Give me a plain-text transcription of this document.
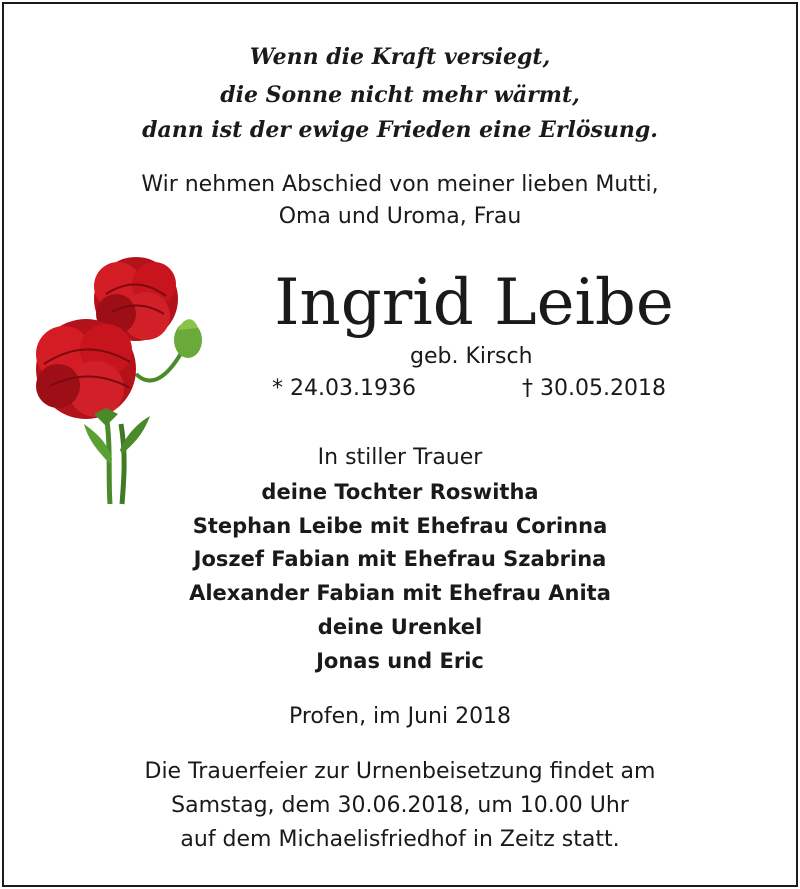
Wenn die Kraft versiegt,
die Sonne nicht mehr wärmt,
dann ist der ewige Frieden eine Erlösung.
Wir nehmen Abschied von meiner lieben Mutti,
Oma und Uroma, Frau
Ingrid Leibe
geb. Kirsch
* 24.03.1936	† 30.05.2018
In stiller Trauer
deine Tochter Roswitha
Stephan Leibe mit Ehefrau Corinna
Joszef Fabian mit Ehefrau Szabrina
Alexander Fabian mit Ehefrau Anita
deine Urenkel
Jonas und Eric
Profen, im Juni 2018
Die Trauerfeier zur Urnenbeisetzung findet am
Samstag, dem 30.06.2018, um 10.00 Uhr
auf dem Michaelisfriedhof in Zeitz statt.
